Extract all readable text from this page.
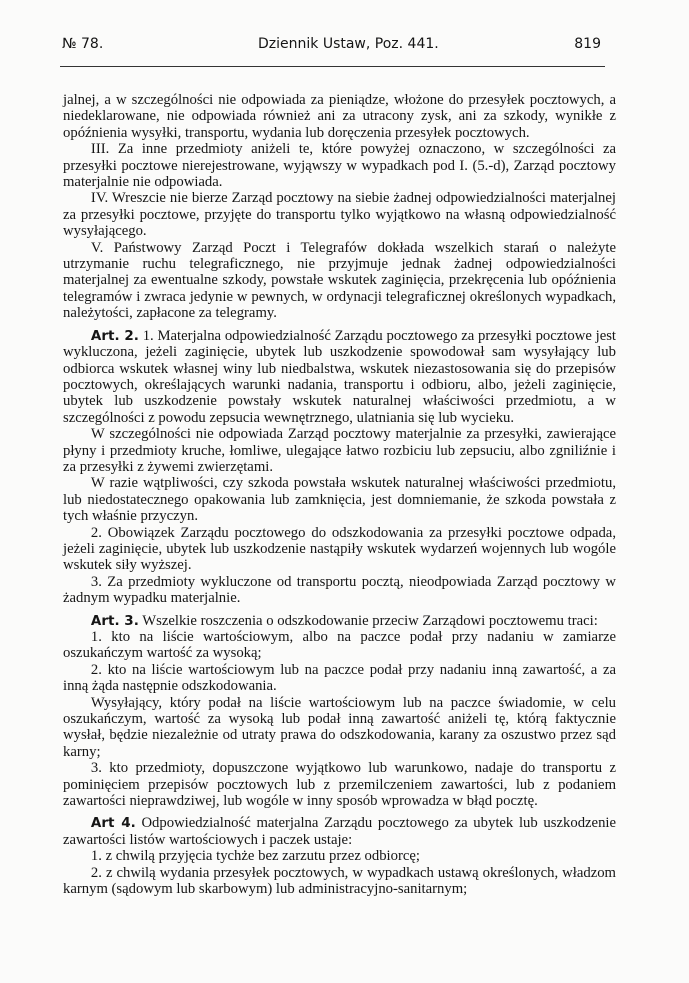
№ 78.	Dziennik Ustaw, Poz. 441.	819

jalnej, a w szczególności nie odpowiada za pieniądze, włożone do przesyłek pocztowych, a niedeklarowane, nie odpowiada również ani za utracony zysk, ani za szkody, wynikłe z opóźnienia wysyłki, transportu, wydania lub doręczenia przesyłek pocztowych.

III. Za inne przedmioty aniżeli te, które powyżej oznaczono, w szczególności za przesyłki pocztowe nierejestrowane, wyjąwszy w wypadkach pod I. (5.-d), Zarząd pocztowy materjalnie nie odpowiada.

IV. Wreszcie nie bierze Zarząd pocztowy na siebie żadnej odpowiedzialności materjalnej za przesyłki pocztowe, przyjęte do transportu tylko wyjątkowo na własną odpowiedzialność wysyłającego.

V. Państwowy Zarząd Poczt i Telegrafów dokłada wszelkich starań o należyte utrzymanie ruchu telegraficznego, nie przyjmuje jednak żadnej odpowiedzialności materjalnej za ewentualne szkody, powstałe wskutek zaginięcia, przekręcenia lub opóźnienia telegramów i zwraca jedynie w pewnych, w ordynacji telegraficznej określonych wypadkach, należytości, zapłacone za telegramy.

Art. 2. 1. Materjalna odpowiedzialność Zarządu pocztowego za przesyłki pocztowe jest wykluczona, jeżeli zaginięcie, ubytek lub uszkodzenie spowodował sam wysyłający lub odbiorca wskutek własnej winy lub niedbalstwa, wskutek niezastosowania się do przepisów pocztowych, określających warunki nadania, transportu i odbioru, albo, jeżeli zaginięcie, ubytek lub uszkodzenie powstały wskutek naturalnej właściwości przedmiotu, a w szczególności z powodu zepsucia wewnętrznego, ulatniania się lub wycieku.

W szczególności nie odpowiada Zarząd pocztowy materjalnie za przesyłki, zawierające płyny i przedmioty kruche, łomliwe, ulegające łatwo rozbiciu lub zepsuciu, albo zgniliźnie i za przesyłki z żywemi zwierzętami.

W razie wątpliwości, czy szkoda powstała wskutek naturalnej właściwości przedmiotu, lub niedostatecznego opakowania lub zamknięcia, jest domniemanie, że szkoda powstała z tych właśnie przyczyn.

2. Obowiązek Zarządu pocztowego do odszkodowania za przesyłki pocztowe odpada, jeżeli zaginięcie, ubytek lub uszkodzenie nastąpiły wskutek wydarzeń wojennych lub wogóle wskutek siły wyższej.

3. Za przedmioty wykluczone od transportu pocztą, nieodpowiada Zarząd pocztowy w żadnym wypadku materjalnie.

Art. 3. Wszelkie roszczenia o odszkodowanie przeciw Zarządowi pocztowemu traci:

1. kto na liście wartościowym, albo na paczce podał przy nadaniu w zamiarze oszukańczym wartość za wysoką;

2. kto na liście wartościowym lub na paczce podał przy nadaniu inną zawartość, a za inną żąda następnie odszkodowania.

Wysyłający, który podał na liście wartościowym lub na paczce świadomie, w celu oszukańczym, wartość za wysoką lub podał inną zawartość aniżeli tę, którą faktycznie wysłał, będzie niezależnie od utraty prawa do odszkodowania, karany za oszustwo przez sąd karny;

3. kto przedmioty, dopuszczone wyjątkowo lub warunkowo, nadaje do transportu z pominięciem przepisów pocztowych lub z przemilczeniem zawartości, lub z podaniem zawartości nieprawdziwej, lub wogóle w inny sposób wprowadza w błąd pocztę.

Art 4. Odpowiedzialność materjalna Zarządu pocztowego za ubytek lub uszkodzenie zawartości listów wartościowych i paczek ustaje:

1. z chwilą przyjęcia tychże bez zarzutu przez odbiorcę;

2. z chwilą wydania przesyłek pocztowych, w wypadkach ustawą określonych, władzom karnym (sądowym lub skarbowym) lub administracyjno-sanitarnym;
